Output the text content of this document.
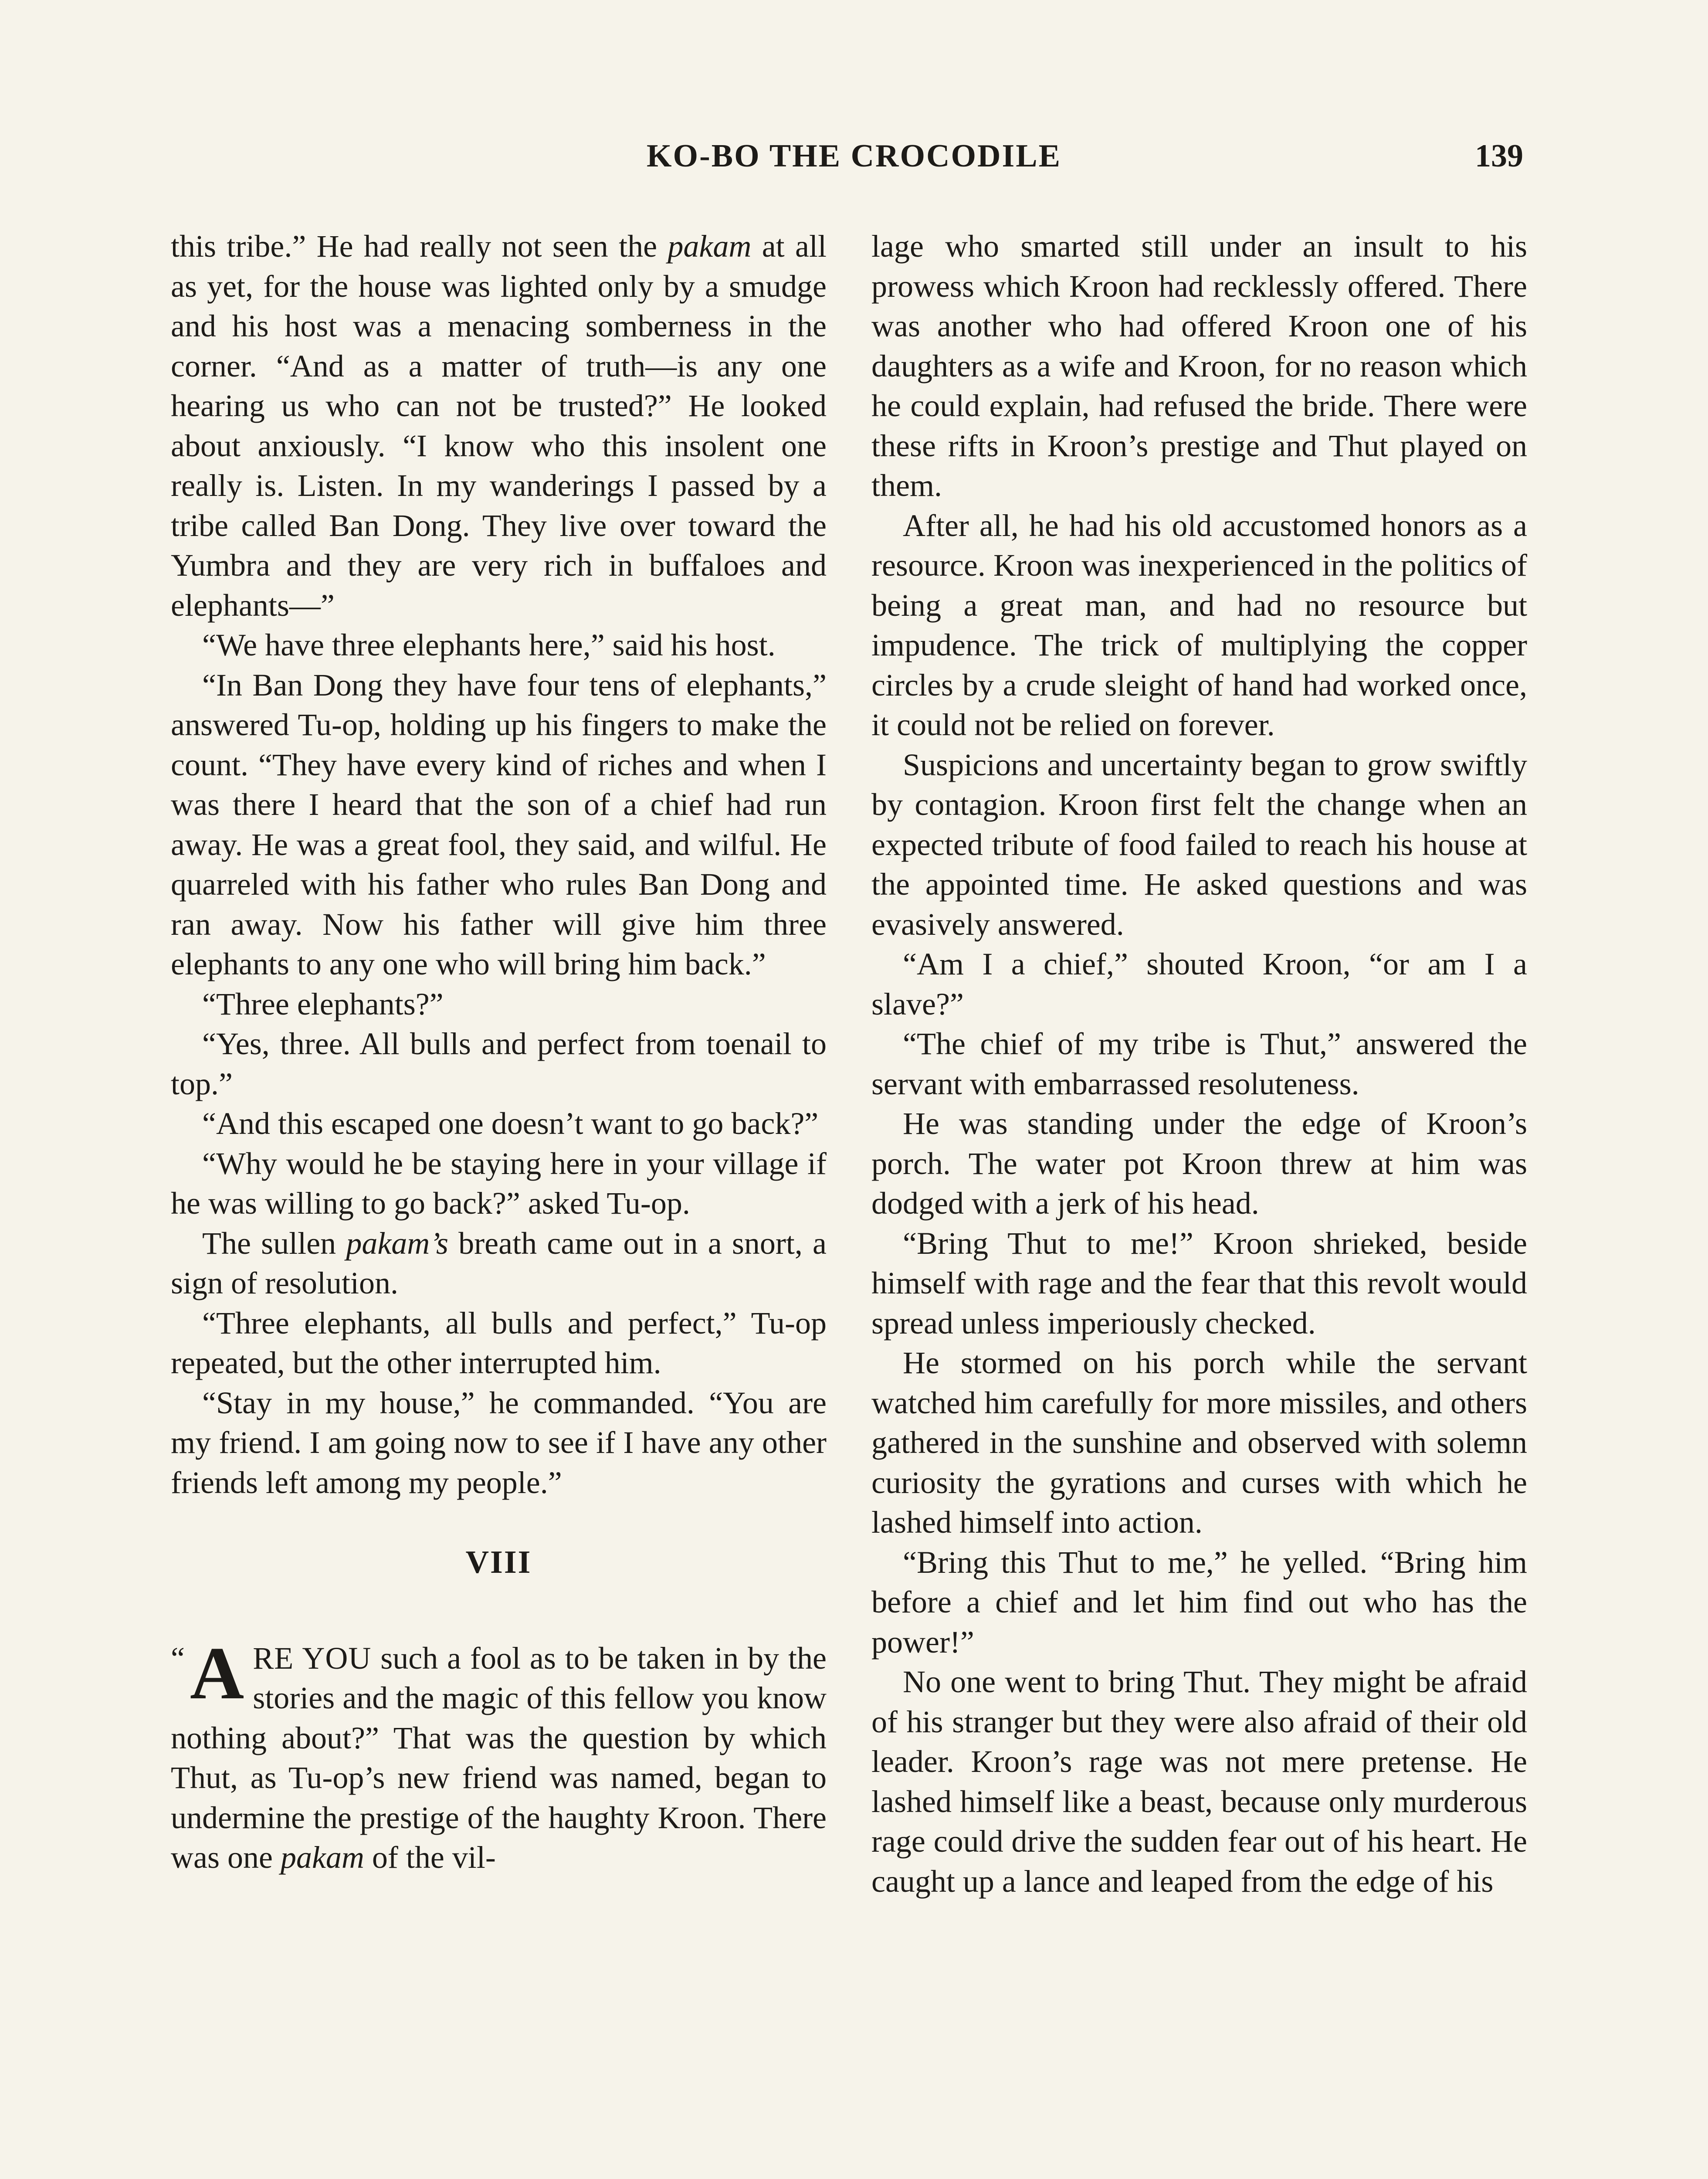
KO-BO THE CROCODILE	139

this tribe.” He had really not seen the pakam at all as yet, for the house was lighted only by a smudge and his host was a menacing somberness in the corner. “And as a matter of truth—is any one hearing us who can not be trusted?” He looked about anxiously. “I know who this insolent one really is. Listen. In my wanderings I passed by a tribe called Ban Dong. They live over toward the Yumbra and they are very rich in buffaloes and elephants—”

“We have three elephants here,” said his host.

“In Ban Dong they have four tens of elephants,” answered Tu-op, holding up his fingers to make the count. “They have every kind of riches and when I was there I heard that the son of a chief had run away. He was a great fool, they said, and wilful. He quarreled with his father who rules Ban Dong and ran away. Now his father will give him three elephants to any one who will bring him back.”

“Three elephants?”

“Yes, three. All bulls and perfect from toenail to top.”

“And this escaped one doesn’t want to go back?”

“Why would he be staying here in your village if he was willing to go back?” asked Tu-op.

The sullen pakam’s breath came out in a snort, a sign of resolution.

“Three elephants, all bulls and perfect,” Tu-op repeated, but the other interrupted him.

“Stay in my house,” he commanded. “You are my friend. I am going now to see if I have any other friends left among my people.”

VIII

“ A RE YOU such a fool as to be taken in by the stories and the magic of this fellow you know nothing about?” That was the question by which Thut, as Tu-op’s new friend was named, began to undermine the prestige of the haughty Kroon. There was one pakam of the vil-

lage who smarted still under an insult to his prowess which Kroon had recklessly offered. There was another who had offered Kroon one of his daughters as a wife and Kroon, for no reason which he could explain, had refused the bride. There were these rifts in Kroon’s prestige and Thut played on them.

After all, he had his old accustomed honors as a resource. Kroon was inexperienced in the politics of being a great man, and had no resource but impudence. The trick of multiplying the copper circles by a crude sleight of hand had worked once, it could not be relied on forever.

Suspicions and uncertainty began to grow swiftly by contagion. Kroon first felt the change when an expected tribute of food failed to reach his house at the appointed time. He asked questions and was evasively answered.

“Am I a chief,” shouted Kroon, “or am I a slave?”

“The chief of my tribe is Thut,” answered the servant with embarrassed resoluteness.

He was standing under the edge of Kroon’s porch. The water pot Kroon threw at him was dodged with a jerk of his head.

“Bring Thut to me!” Kroon shrieked, beside himself with rage and the fear that this revolt would spread unless imperiously checked.

He stormed on his porch while the servant watched him carefully for more missiles, and others gathered in the sunshine and observed with solemn curiosity the gyrations and curses with which he lashed himself into action.

“Bring this Thut to me,” he yelled. “Bring him before a chief and let him find out who has the power!”

No one went to bring Thut. They might be afraid of his stranger but they were also afraid of their old leader. Kroon’s rage was not mere pretense. He lashed himself like a beast, because only murderous rage could drive the sudden fear out of his heart. He caught up a lance and leaped from the edge of his
